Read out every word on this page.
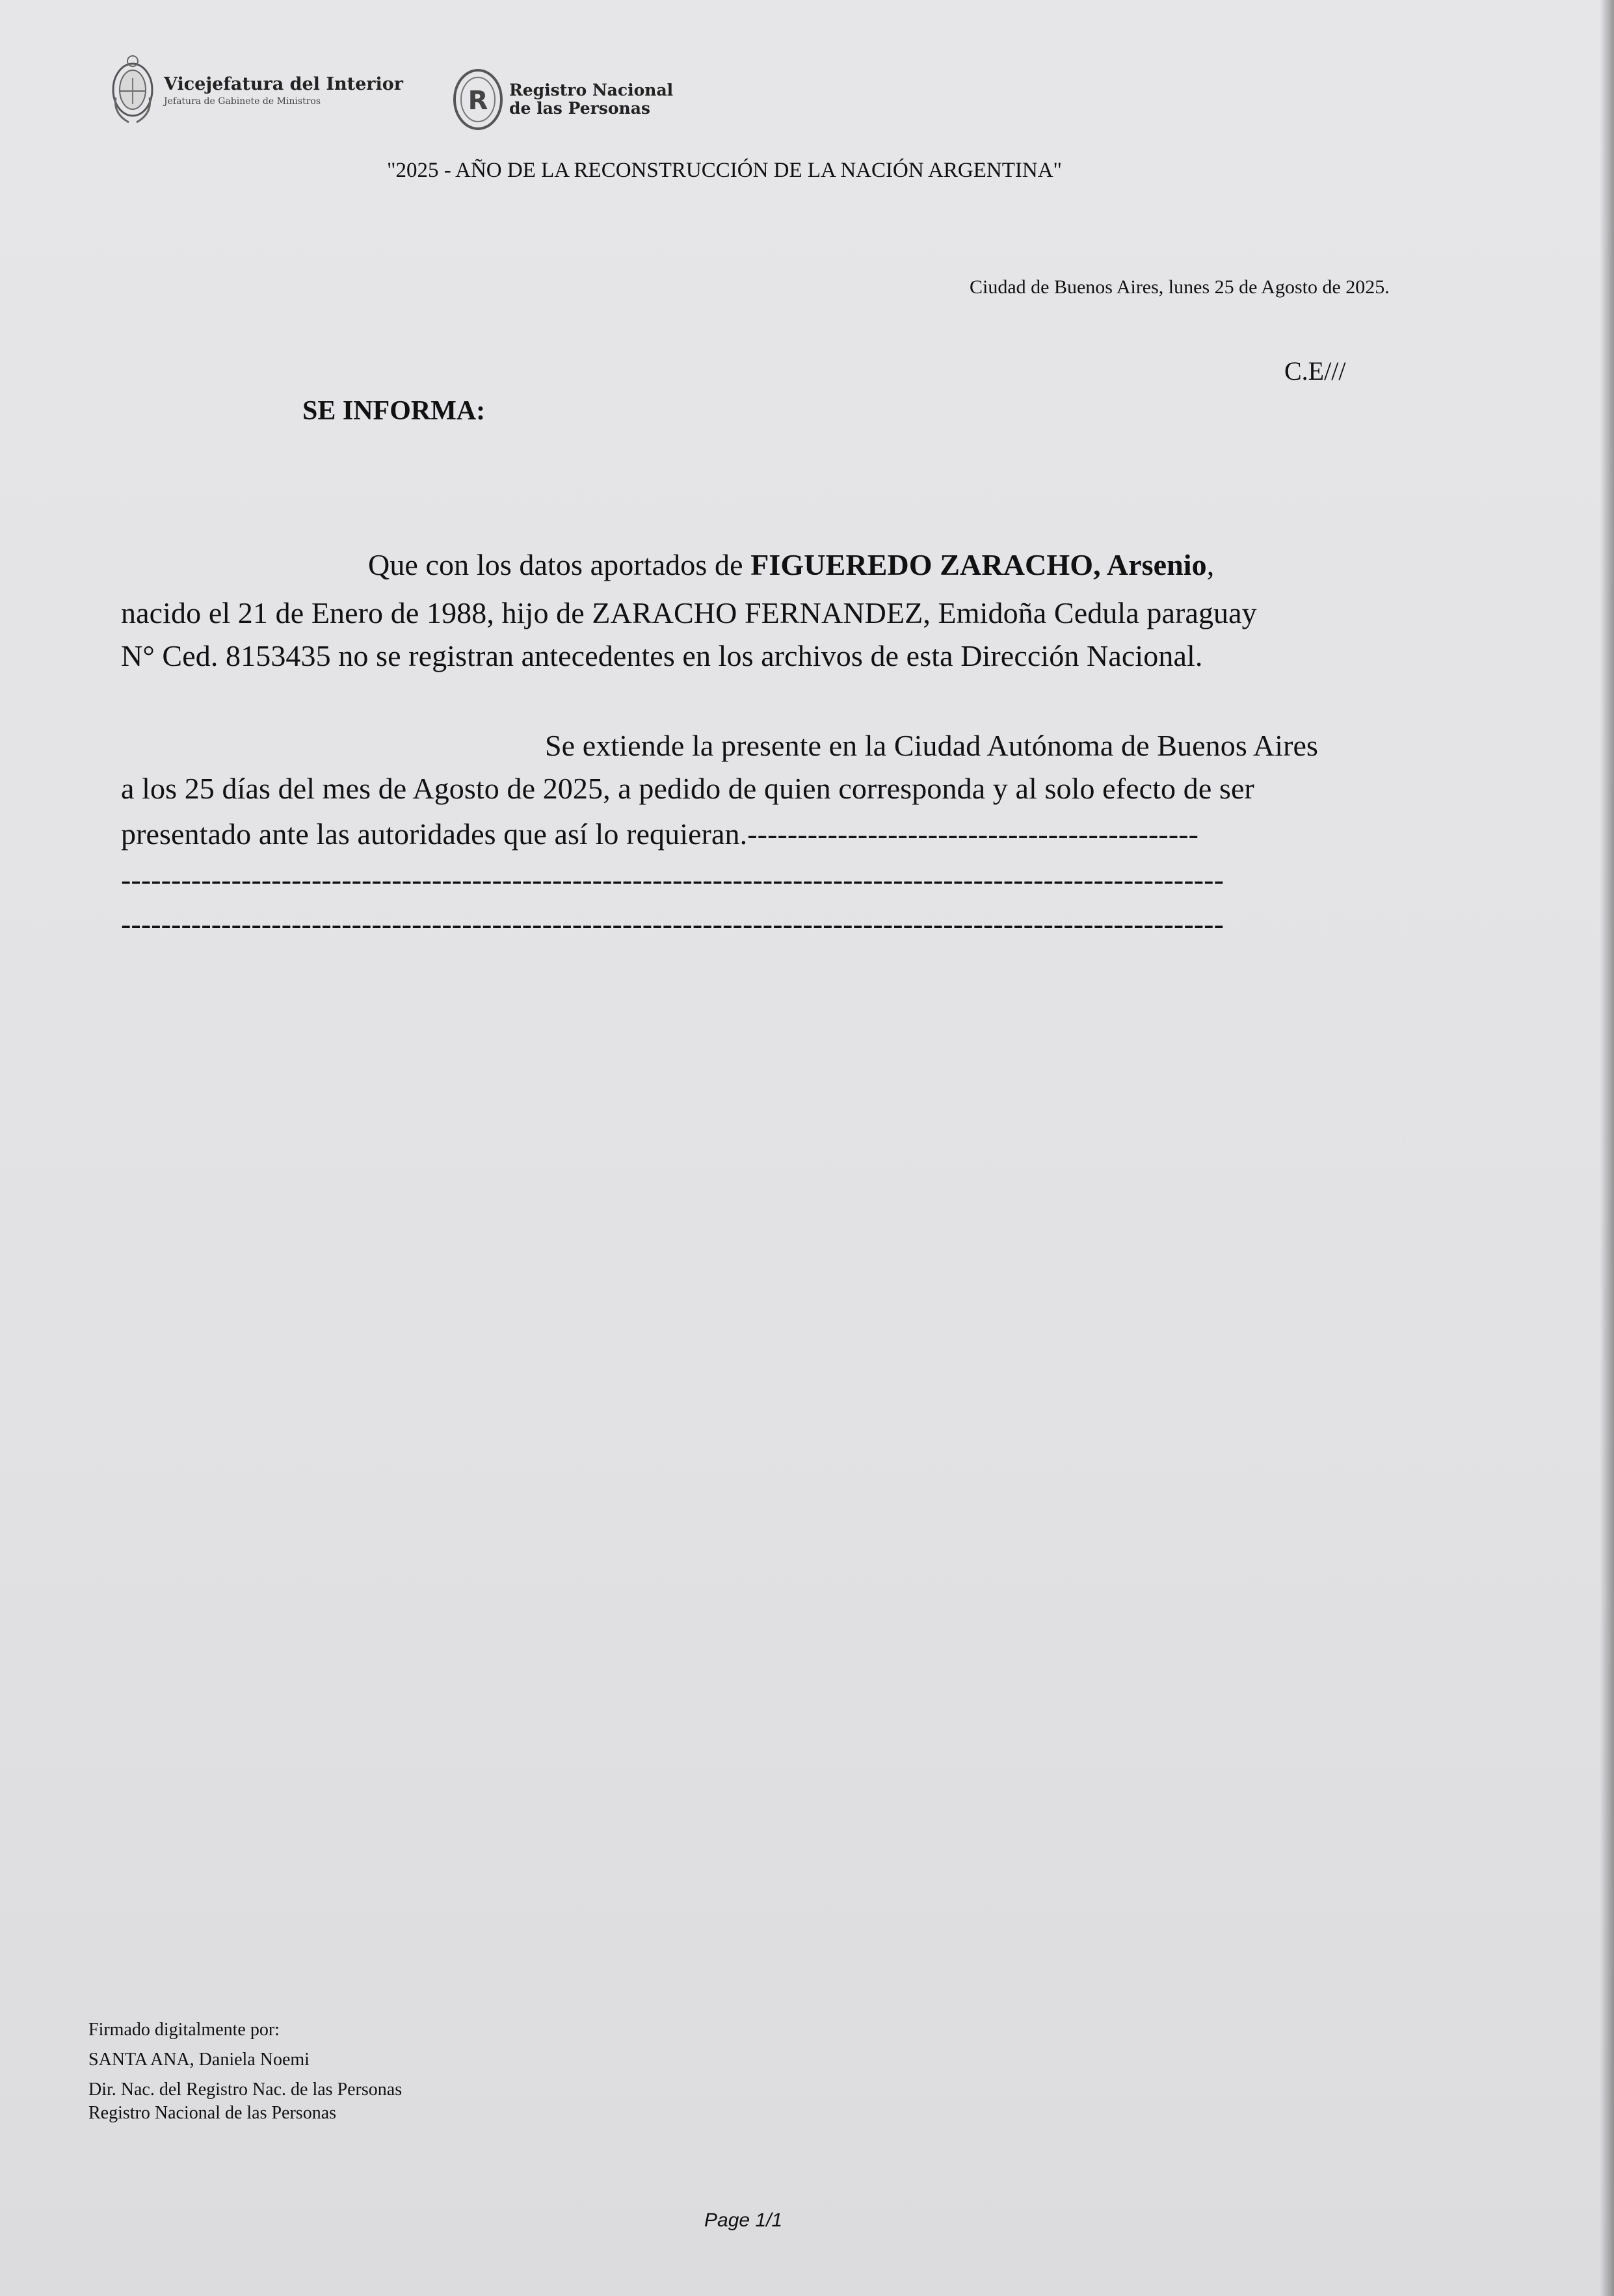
Vicejefatura del Interior
Jefatura de Gabinete de Ministros	R Registro Nacional
de las Personas
"2025 - AÑO DE LA RECONSTRUCCIÓN DE LA NACIÓN ARGENTINA"
Ciudad de Buenos Aires, lunes 25 de Agosto de 2025.
C.E///
SE INFORMA:
Que con los datos aportados de FIGUEREDO ZARACHO, Arsenio,
nacido el 21 de Enero de 1988, hijo de ZARACHO FERNANDEZ, Emidoña Cedula paraguay
N° Ced. 8153435 no se registran antecedentes en los archivos de esta Dirección Nacional.
Se extiende la presente en la Ciudad Autónoma de Buenos Aires
a los 25 días del mes de Agosto de 2025, a pedido de quien corresponda y al solo efecto de ser
presentado ante las autoridades que así lo requieran.---------------------------------------------
--------------------------------------------------------------------------------------------------------------
--------------------------------------------------------------------------------------------------------------
Firmado digitalmente por:
SANTA ANA, Daniela Noemi
Dir. Nac. del Registro Nac. de las Personas
Registro Nacional de las Personas
Page 1/1
